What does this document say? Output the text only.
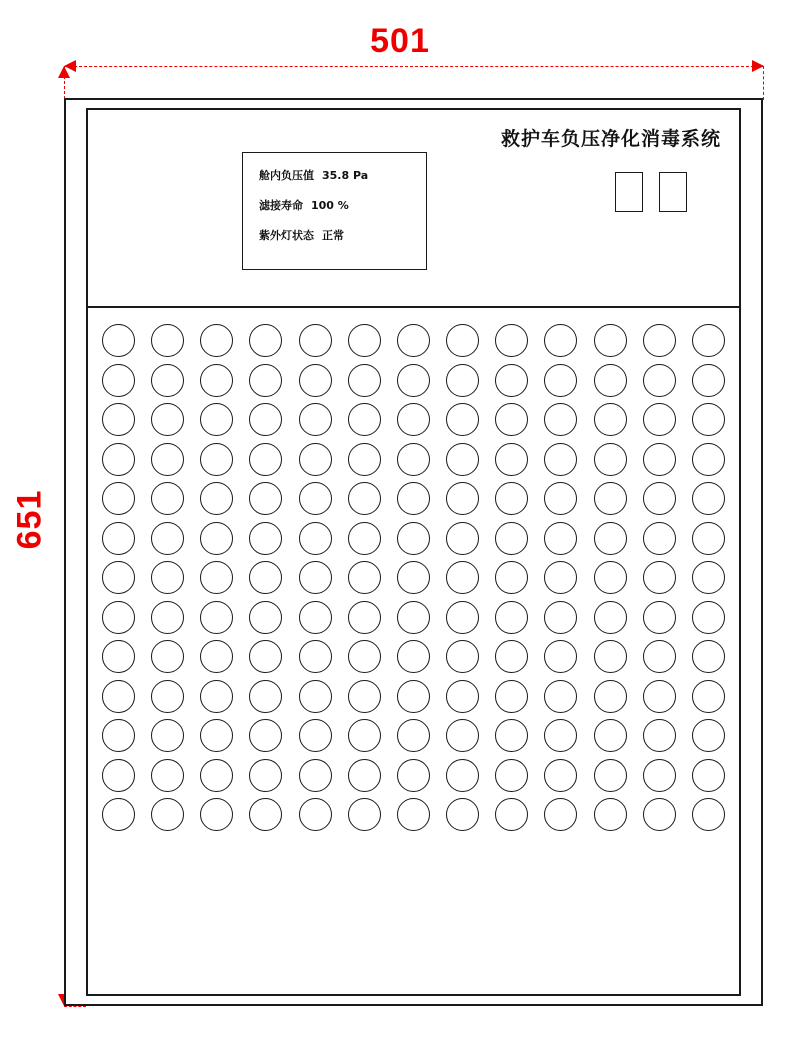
501
651
救护车负压净化消毒系统
舱内负压值 35.8 Pa
滤接寿命 100 %
紫外灯状态 正常
